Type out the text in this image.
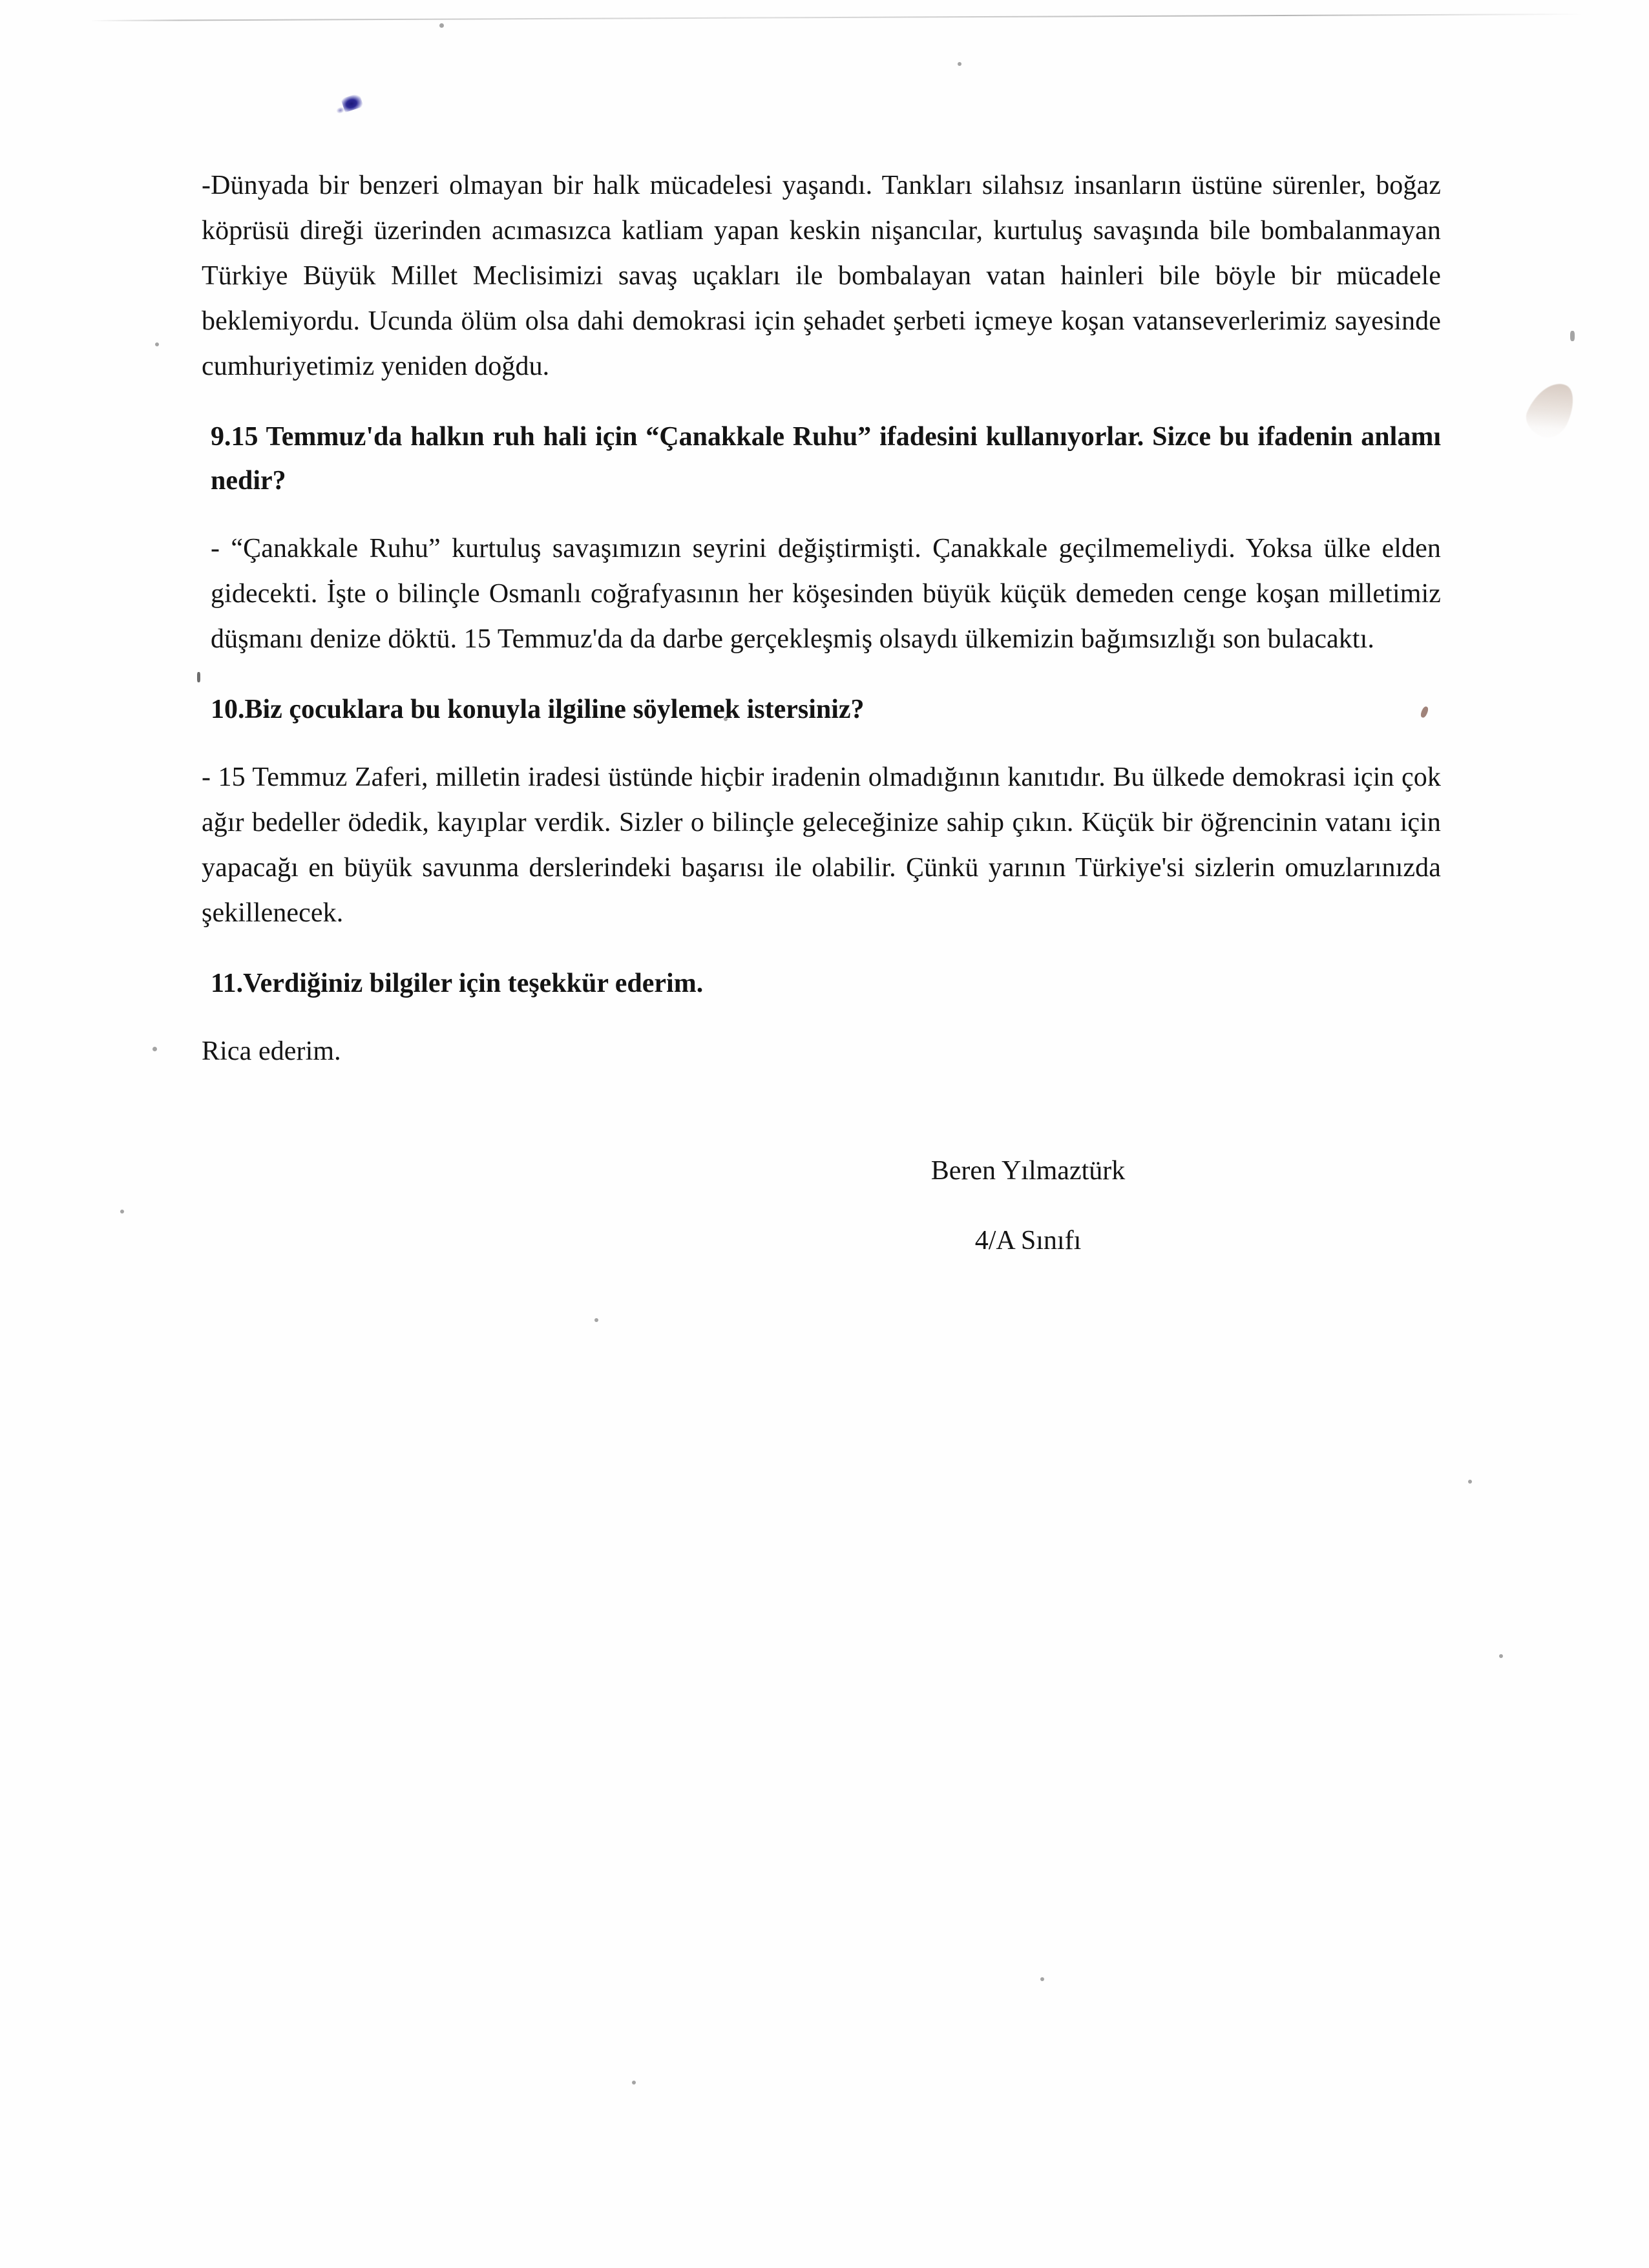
-Dünyada bir benzeri olmayan bir halk mücadelesi yaşandı. Tankları silahsız insanların üstüne sürenler, boğaz köprüsü direği üzerinden acımasızca katliam yapan keskin nişancılar, kurtuluş savaşında bile bombalanmayan Türkiye Büyük Millet Meclisimizi savaş uçakları ile bombalayan vatan hainleri bile böyle bir mücadele beklemiyordu. Ucunda ölüm olsa dahi demokrasi için şehadet şerbeti içmeye koşan vatanseverlerimiz sayesinde cumhuriyetimiz yeniden doğdu.

9.15 Temmuz'da halkın ruh hali için “Çanakkale Ruhu” ifadesini kullanıyorlar. Sizce bu ifadenin anlamı nedir?

- “Çanakkale Ruhu” kurtuluş savaşımızın seyrini değiştirmişti. Çanakkale geçilmemeliydi. Yoksa ülke elden gidecekti. İşte o bilinçle Osmanlı coğrafyasının her köşesinden büyük küçük demeden cenge koşan milletimiz düşmanı denize döktü. 15 Temmuz'da da darbe gerçekleşmiş olsaydı ülkemizin bağımsızlığı son bulacaktı.

10.Biz çocuklara bu konuyla ilgiline söylemek istersiniz?

- 15 Temmuz Zaferi, milletin iradesi üstünde hiçbir iradenin olmadığının kanıtıdır. Bu ülkede demokrasi için çok ağır bedeller ödedik, kayıplar verdik. Sizler o bilinçle geleceğinize sahip çıkın. Küçük bir öğrencinin vatanı için yapacağı en büyük savunma derslerindeki başarısı ile olabilir. Çünkü yarının Türkiye'si sizlerin omuzlarınızda şekillenecek.

11.Verdiğiniz bilgiler için teşekkür ederim.

Rica ederim.

Beren Yılmaztürk

4/A Sınıfı
